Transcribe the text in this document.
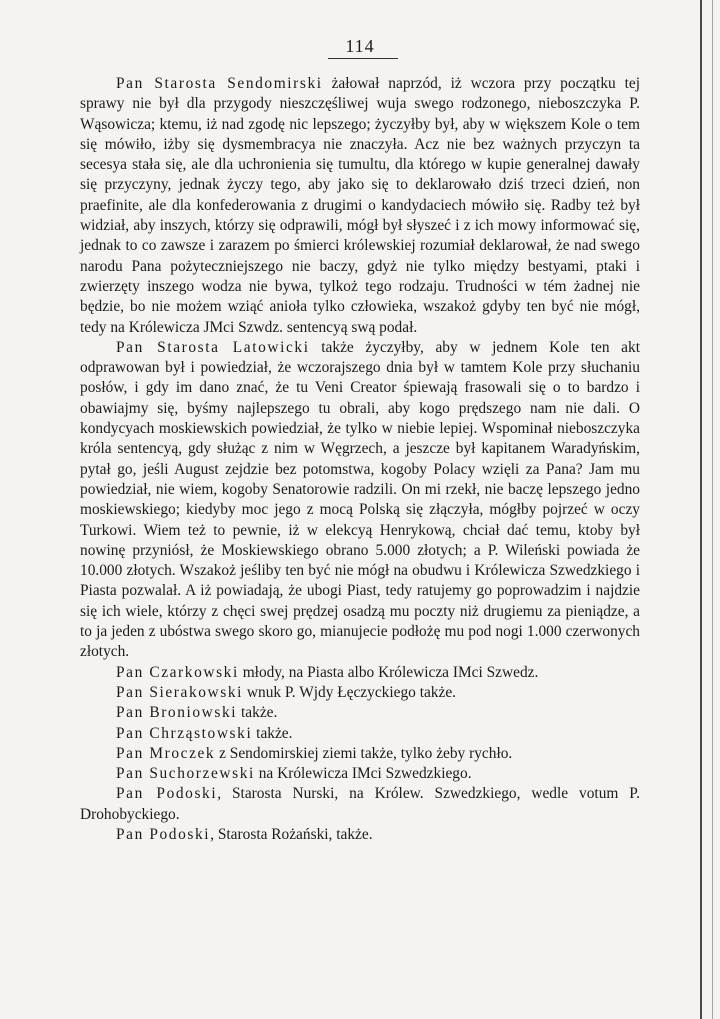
114

Pan Starosta Sendomirski żałował naprzód, iż wczora przy początku tej sprawy nie był dla przygody nieszczęśliwej wuja swego rodzonego, nieboszczyka P. Wąsowicza; ktemu, iż nad zgodę nic lepszego; życzyłby był, aby w większem Kole o tem się mówiło, iżby się dysmembracya nie znaczyła. Acz nie bez ważnych przyczyn ta secesya stała się, ale dla uchronienia się tumultu, dla którego w kupie generalnej dawały się przyczyny, jednak życzy tego, aby jako się to deklarowało dziś trzeci dzień, non praefinite, ale dla konfederowania z drugimi o kandydaciech mówiło się. Radby też był widział, aby inszych, którzy się odprawili, mógł był słyszeć i z ich mowy informować się, jednak to co zawsze i zarazem po śmierci królewskiej rozumiał deklarował, że nad swego narodu Pana pożyteczniejszego nie baczy, gdyż nie tylko między bestyami, ptaki i zwierzęty inszego wodza nie bywa, tylkoż tego rodzaju. Trudności w tém żadnej nie będzie, bo nie możem wziąć anioła tylko człowieka, wszakoż gdyby ten być nie mógł, tedy na Królewicza JMci Szwdz. sentencyą swą podał.

Pan Starosta Latowicki także życzyłby, aby w jednem Kole ten akt odprawowan był i powiedział, że wczorajszego dnia był w tamtem Kole przy słuchaniu posłów, i gdy im dano znać, że tu Veni Creator śpiewają frasowali się o to bardzo i obawiajmy się, byśmy najlepszego tu obrali, aby kogo prędszego nam nie dali. O kondycyach moskiewskich powiedział, że tylko w niebie lepiej. Wspominał nieboszczyka króla sentencyą, gdy służąc z nim w Węgrzech, a jeszcze był kapitanem Waradyńskim, pytał go, jeśli August zejdzie bez potomstwa, kogoby Polacy wzięli za Pana? Jam mu powiedział, nie wiem, kogoby Senatorowie radzili. On mi rzekł, nie baczę lepszego jedno moskiewskiego; kiedyby moc jego z mocą Polską się złączyła, mógłby pojrzeć w oczy Turkowi. Wiem też to pewnie, iż w elekcyą Henrykową, chciał dać temu, ktoby był nowinę przyniósł, że Moskiewskiego obrano 5.000 złotych; a P. Wileński powiada że 10.000 złotych. Wszakoż jeśliby ten być nie mógł na obudwu i Królewicza Szwedzkiego i Piasta pozwalał. A iż powiadają, że ubogi Piast, tedy ratujemy go poprowadzim i najdzie się ich wiele, którzy z chęci swej prędzej osadzą mu poczty niż drugiemu za pieniądze, a to ja jeden z ubóstwa swego skoro go, mianujecie podłożę mu pod nogi 1.000 czerwonych złotych.

Pan Czarkowski młody, na Piasta albo Królewicza IMci Szwedz.

Pan Sierakowski wnuk P. Wjdy Łęczyckiego także.

Pan Broniowski także.

Pan Chrząstowski także.

Pan Mroczek z Sendomirskiej ziemi także, tylko żeby rychło.

Pan Suchorzewski na Królewicza IMci Szwedzkiego.

Pan Podoski, Starosta Nurski, na Królew. Szwedzkiego, wedle votum P. Drohobyckiego.

Pan Podoski, Starosta Rożański, także.
